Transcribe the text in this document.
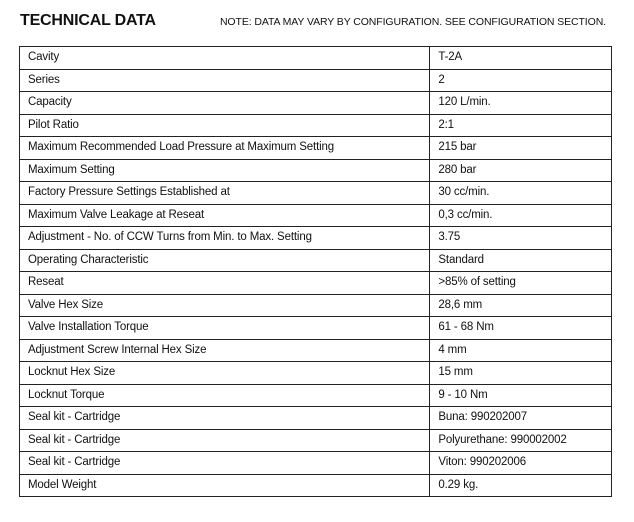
TECHNICAL DATA	NOTE: DATA MAY VARY BY CONFIGURATION. SEE CONFIGURATION SECTION.
Cavity	T-2A
Series	2
Capacity	120 L/min.
Pilot Ratio	2:1
Maximum Recommended Load Pressure at Maximum Setting	215 bar
Maximum Setting	280 bar
Factory Pressure Settings Established at	30 cc/min.
Maximum Valve Leakage at Reseat	0,3 cc/min.
Adjustment - No. of CCW Turns from Min. to Max. Setting	3.75
Operating Characteristic	Standard
Reseat	>85% of setting
Valve Hex Size	28,6 mm
Valve Installation Torque	61 - 68 Nm
Adjustment Screw Internal Hex Size	4 mm
Locknut Hex Size	15 mm
Locknut Torque	9 - 10 Nm
Seal kit - Cartridge	Buna: 990202007
Seal kit - Cartridge	Polyurethane: 990002002
Seal kit - Cartridge	Viton: 990202006
Model Weight	0.29 kg.
